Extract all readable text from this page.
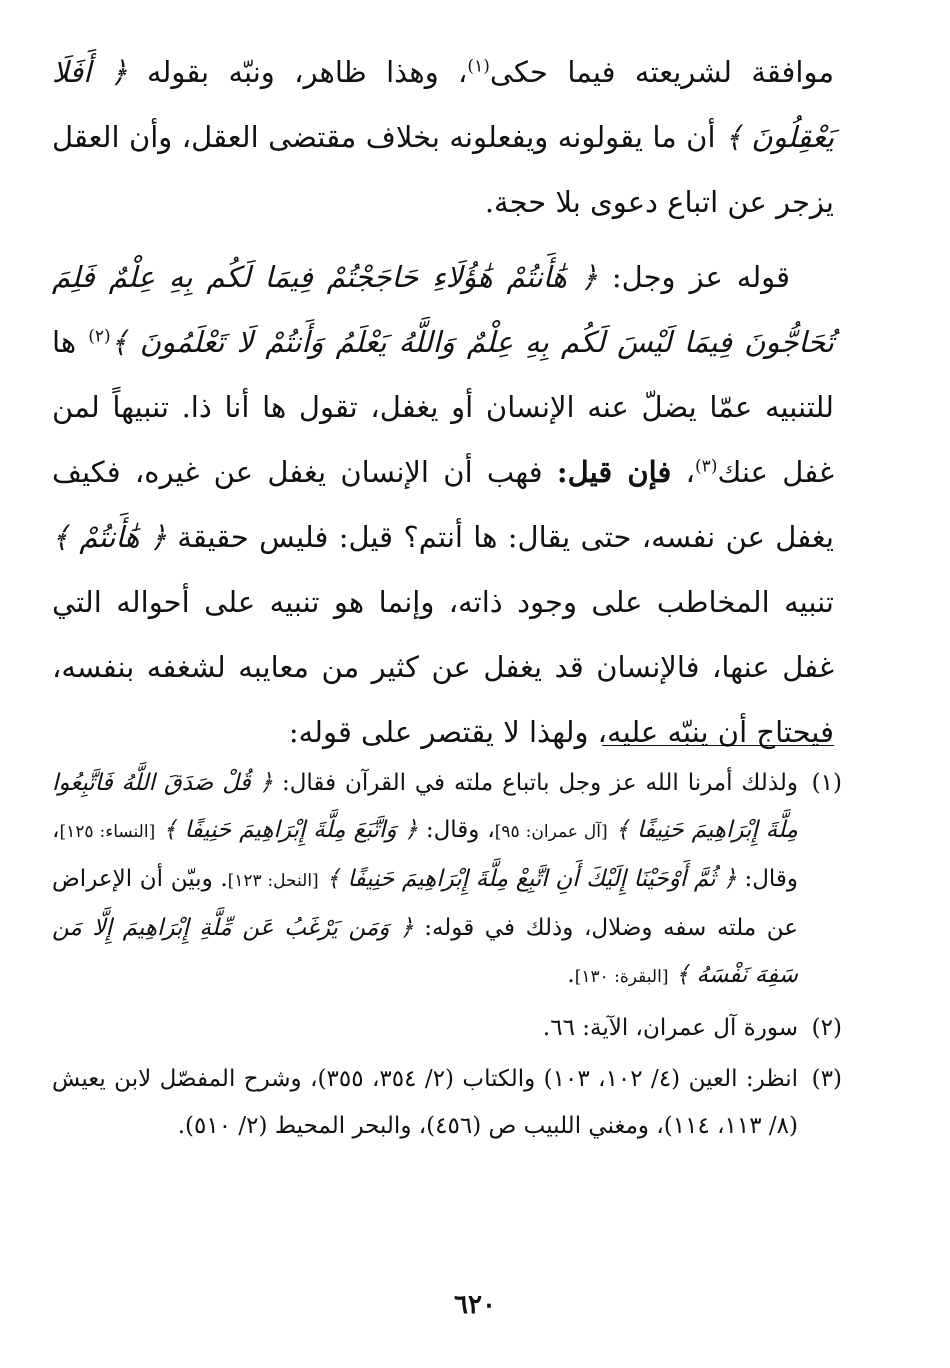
موافقة لشريعته فيما حكى$^{(١)}$، وهذا ظاهر، ونبّه بقوله ﴿ أَفَلَا يَعْقِلُونَ ﴾ أن ما يقولونه ويفعلونه بخلاف مقتضى العقل، وأن العقل يزجر عن اتباع دعوى بلا حجة.

قوله عز وجل: ﴿ هَٰأَنتُمْ هَٰؤُلَاءِ حَاجَجْتُمْ فِيمَا لَكُم بِهِ عِلْمٌ فَلِمَ تُحَاجُّونَ فِيمَا لَيْسَ لَكُم بِهِ عِلْمٌ وَاللَّهُ يَعْلَمُ وَأَنتُمْ لَا تَعْلَمُونَ ﴾$^{(٢)}$ ها للتنبيه عمّا يضلّ عنه الإنسان أو يغفل، تقول ها أنا ذا. تنبيهاً لمن غفل عنك$^{(٣)}$، فإن قيل: فهب أن الإنسان يغفل عن غيره، فكيف يغفل عن نفسه، حتى يقال: ها أنتم؟ قيل: فليس حقيقة ﴿ هَٰأَنتُمْ ﴾ تنبيه المخاطب على وجود ذاته، وإنما هو تنبيه على أحواله التي غفل عنها، فالإنسان قد يغفل عن كثير من معايبه لشغفه بنفسه، فيحتاج أن ينبّه عليه، ولهذا لا يقتصر على قوله:

(١)
ولذلك أمرنا الله عز وجل باتباع ملته في القرآن فقال: ﴿ قُلْ صَدَقَ اللَّهُ فَاتَّبِعُوا مِلَّةَ إِبْرَاهِيمَ حَنِيفًا ﴾ [آل عمران: ٩٥]، وقال: ﴿ وَاتَّبَعَ مِلَّةَ إِبْرَاهِيمَ حَنِيفًا ﴾ [النساء: ١٢٥]، وقال: ﴿ ثُمَّ أَوْحَيْنَا إِلَيْكَ أَنِ اتَّبِعْ مِلَّةَ إِبْرَاهِيمَ حَنِيفًا ﴾ [النحل: ١٢٣]. وبيّن أن الإعراض عن ملته سفه وضلال، وذلك في قوله: ﴿ وَمَن يَرْغَبُ عَن مِّلَّةِ إِبْرَاهِيمَ إِلَّا مَن سَفِهَ نَفْسَهُ ﴾ [البقرة: ١٣٠].
(٢)
سورة آل عمران، الآية: ٦٦.
(٣)
انظر: العين (٤/ ١٠٢، ١٠٣) والكتاب (٢/ ٣٥٤، ٣٥٥)، وشرح المفصّل لابن يعيش (٨/ ١١٣، ١١٤)، ومغني اللبيب ص (٤٥٦)، والبحر المحيط (٢/ ٥١٠).
٦٢٠
